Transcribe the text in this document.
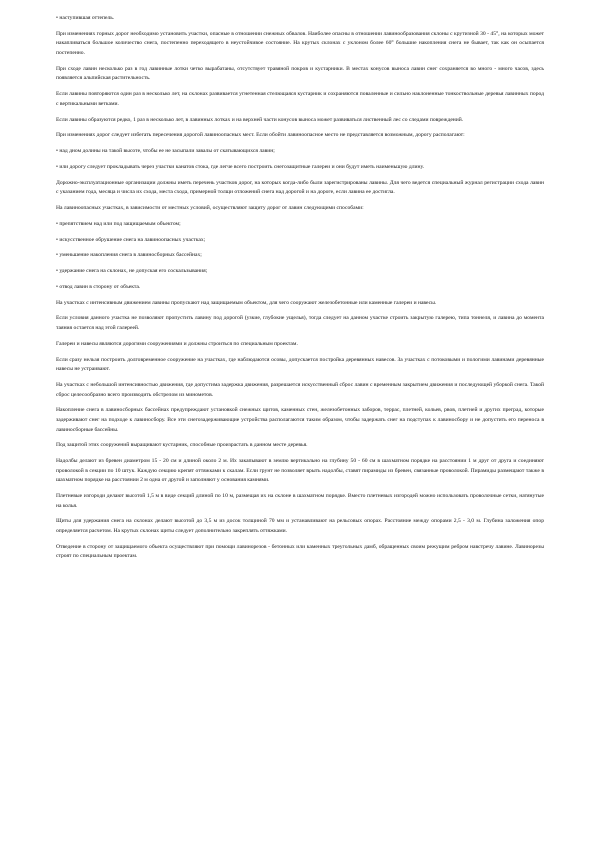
• наступившая оттепель.

При изменениях горных дорог необходимо установить участки, опасные в отношении снежных обвалов. Наиболее опасны в отношении лавинообразования склоны с крутизной 30 - 45°, на которых может накапливаться большое количество снега, постепенно переходящего в неустойчивое состояние. На крутых склонах с уклоном более 60° большие накопления снега не бывает, так как он осыпается постепенно.

При сходе лавин несколько раз в год лавинные лотки четко вырабатаны, отсутствует травяной покров и кустарники. В местах конусов выноса лавин снег сохраняется во много - много часов, здесь появляется альпийская растительность.

Если лавины повторяются один раз в несколько лет, на склонах развивается угнетенная стелющаяся кустарник и сохраняются поваленные и сильно наклоненные тонкоствольные деревья лавинных пород с вертикальными ветками.

Если лавины образуются редко, 1 раз в несколько лет, в лавинных лотках и на верхней части конусов выноса может развиваться лиственный лес со следами повреждений.

При изменениях дорог следует избегать пересечения дорогой лавиноопасных мест. Если обойти лавиноопасное место не представляется возможным, дорогу располагают:

• над дном долины на такой высоте, чтобы ее не засыпали завалы от скатывающихся лавин;

• или дорогу следует прокладывать через участки канатов стока, где легче всего построить снегозащитные галереи и они будут иметь наименьшую длину.

Дорожно-эксплуатационные организации должны иметь перечень участков дорог, на которых когда-либо были зарегистрированы лавины. Для чего ведется специальный журнал регистрации схода лавин с указанием года, месяца и числа их схода, места схода, примерной толщи отложений снега над дорогой и на дороге, если лавина ее достигла.

На лавиноопасных участках, в зависимости от местных условий, осуществляют защиту дорог от лавин следующими способами:

• препятствием над или под защищаемым объектом;

• искусственное обрушение снега на лавиноопасных участках;

• уменьшение накопления снега в лавиносборных бассейнах;

• удержание снега на склонах, не допуская его соскальзывания;

• отвод лавин в сторону от объекта.

На участках с интенсивным движением лавины пропускают над защищаемым объектом, для чего сооружают железобетонные или каменные галереи и навесы.

Если условия данного участка не позволяют пропустить лавину под дорогой (узкие, глубокие ущелья), тогда следует на данном участке строить закрытую галерею, типа тоннеля, и лавина до момента таяния остается над этой галереей.

Галереи и навесы являются дорогими сооружениями и должны строиться по специальным проектам.

Если сразу нельзя построить долговременное сооружение на участках, где наблюдаются осовы, допускается постройка деревянных навесов. За участках с потоковыми и пологими лавинами деревянные навесы не устраивают.

На участках с небольшой интенсивностью движения, где допустима задержка движения, разрешается искусственный сброс лавин с временным закрытием движения и последующей уборкой снега. Такой сброс целесообразно всего производить обстрелом из минометов.

Накопление снега в лавиносборных бассейнах предупреждают установкой снежных щитов, каменных стен, железобетонных заборов, террас, плетней, кольев, рвов, плетней и других преград, которые задерживают снег на подходе к лавиносбору. Все эти снегозадерживающие устройства располагаются таким образом, чтобы задержать снег на подступах к лавиносбору и не допустить его переноса в лавиносборные бассейны.

Под защитой этих сооружений выращивают кустарник, способные произрастать в данном месте деревья.

Надолбы делают из бревен диаметром 15 - 20 см и длиной около 2 м. Их закапывают в землю вертикально на глубину 50 - 60 см в шахматном порядке на расстоянии 1 м друг от друга и соединяют проволокой в секции по 10 штук. Каждую секцию крепят оттяжками к скалам. Если грунт не позволяет врыть надолбы, ставят пирамиды из бревен, связанные проволокой. Пирамиды размещают также в шахматном порядке на расстоянии 2 м одна от другой и заполняют у основания камнями.

Плетневые изгороди делают высотой 1,5 м в виде секций длиной по 10 м, размещая их на склоне в шахматном порядке. Вместо плетневых изгородей можно использовать проволочные сетки, натянутые на колья.

Щиты для удержания снега на склонах делают высотой до 3,5 м из досок толщиной 70 мм и устанавливают на рельсовых опорах. Расстояние между опорами 2,5 - 3,0 м. Глубина заложения опор определяется расчетом. На крутых склонах щиты следует дополнительно закреплять оттяжками.

Отведение в сторону от защищаемого объекта осуществляют при помощи лавинорезов - бетонных или каменных треугольных дамб, обращенных своим режущим ребром навстречу лавине. Лавинорезы строят по специальным проектам.
